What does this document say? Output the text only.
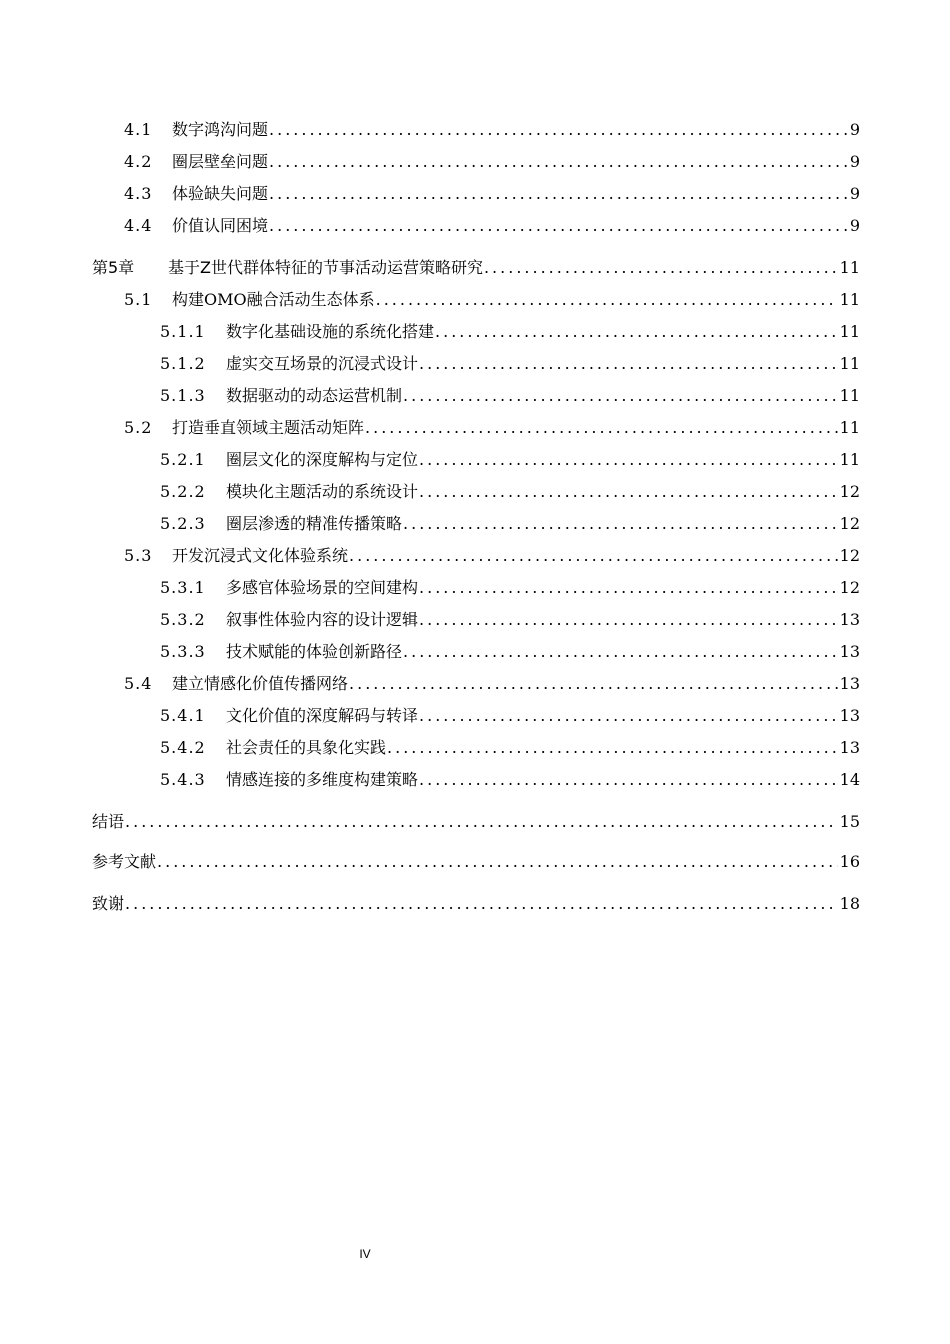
4.1	数字鸿沟问题 .....	9
4.2	圈层壁垒问题 .....	9
4.3	体验缺失问题 .....	9
4.4	价值认同困境 .....	9
第5章	基于Z世代群体特征的节事活动运营策略研究 .....	11
5.1	构建OMO融合活动生态体系 .....	11
5.1.1	数字化基础设施的系统化搭建 .....	11
5.1.2	虚实交互场景的沉浸式设计 .....	11
5.1.3	数据驱动的动态运营机制 .....	11
5.2	打造垂直领域主题活动矩阵 .....	11
5.2.1	圈层文化的深度解构与定位 .....	11
5.2.2	模块化主题活动的系统设计 .....	12
5.2.3	圈层渗透的精准传播策略 .....	12
5.3	开发沉浸式文化体验系统 .....	12
5.3.1	多感官体验场景的空间建构 .....	12
5.3.2	叙事性体验内容的设计逻辑 .....	13
5.3.3	技术赋能的体验创新路径 .....	13
5.4	建立情感化价值传播网络 .....	13
5.4.1	文化价值的深度解码与转译 .....	13
5.4.2	社会责任的具象化实践 .....	13
5.4.3	情感连接的多维度构建策略 .....	14
结语 .....	15
参考文献 .....	16
致谢 .....	18
IV
